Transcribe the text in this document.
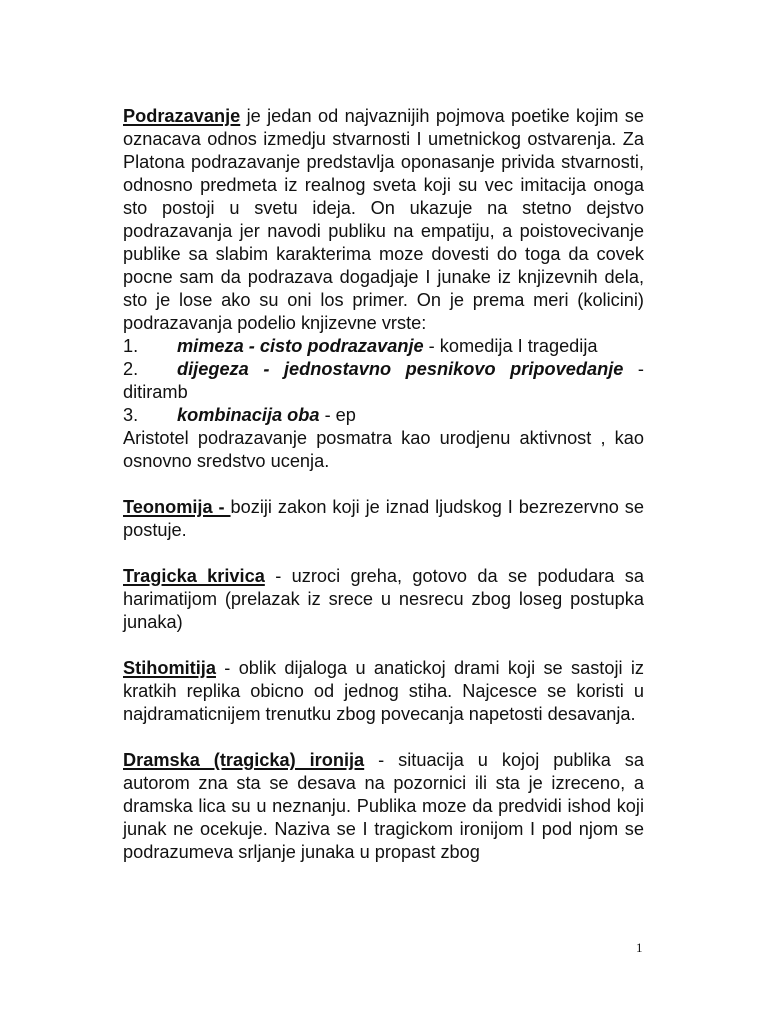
Podrazavanje je jedan od najvaznijih pojmova poetike kojim se oznacava odnos izmedju stvarnosti I umetnickog ostvarenja. Za Platona podrazavanje predstavlja oponasanje privida stvarnosti, odnosno predmeta iz realnog sveta koji su vec imitacija onoga sto postoji u svetu ideja. On ukazuje na stetno dejstvo podrazavanja jer navodi publiku na empatiju, a poistovecivanje publike sa slabim karakterima moze dovesti do toga da covek pocne sam da podrazava dogadjaje I junake iz knjizevnih dela, sto je lose ako su oni los primer. On je prema meri (kolicini) podrazavanja podelio knjizevne vrste:

1.	mimeza - cisto podrazavanje - komedija I tragedija
2.	dijegeza - jednostavno pesnikovo pripovedanje -

ditiramb

3.	kombinacija oba - ep

Aristotel podrazavanje posmatra kao urodjenu aktivnost , kao osnovno sredstvo ucenja.

Teonomija - boziji zakon koji je iznad ljudskog I bezrezervno se postuje.

Tragicka krivica - uzroci greha, gotovo da se podudara sa harimatijom (prelazak iz srece u nesrecu zbog loseg postupka junaka)

Stihomitija - oblik dijaloga u anatickoj drami koji se sastoji iz kratkih replika obicno od jednog stiha. Najcesce se koristi u najdramaticnijem trenutku zbog povecanja napetosti desavanja.

Dramska (tragicka) ironija - situacija u kojoj publika sa autorom zna sta se desava na pozornici ili sta je izreceno, a dramska lica su u neznanju. Publika moze da predvidi ishod koji junak ne ocekuje. Naziva se I tragickom ironijom I pod njom se podrazumeva srljanje junaka u propast zbog

1
